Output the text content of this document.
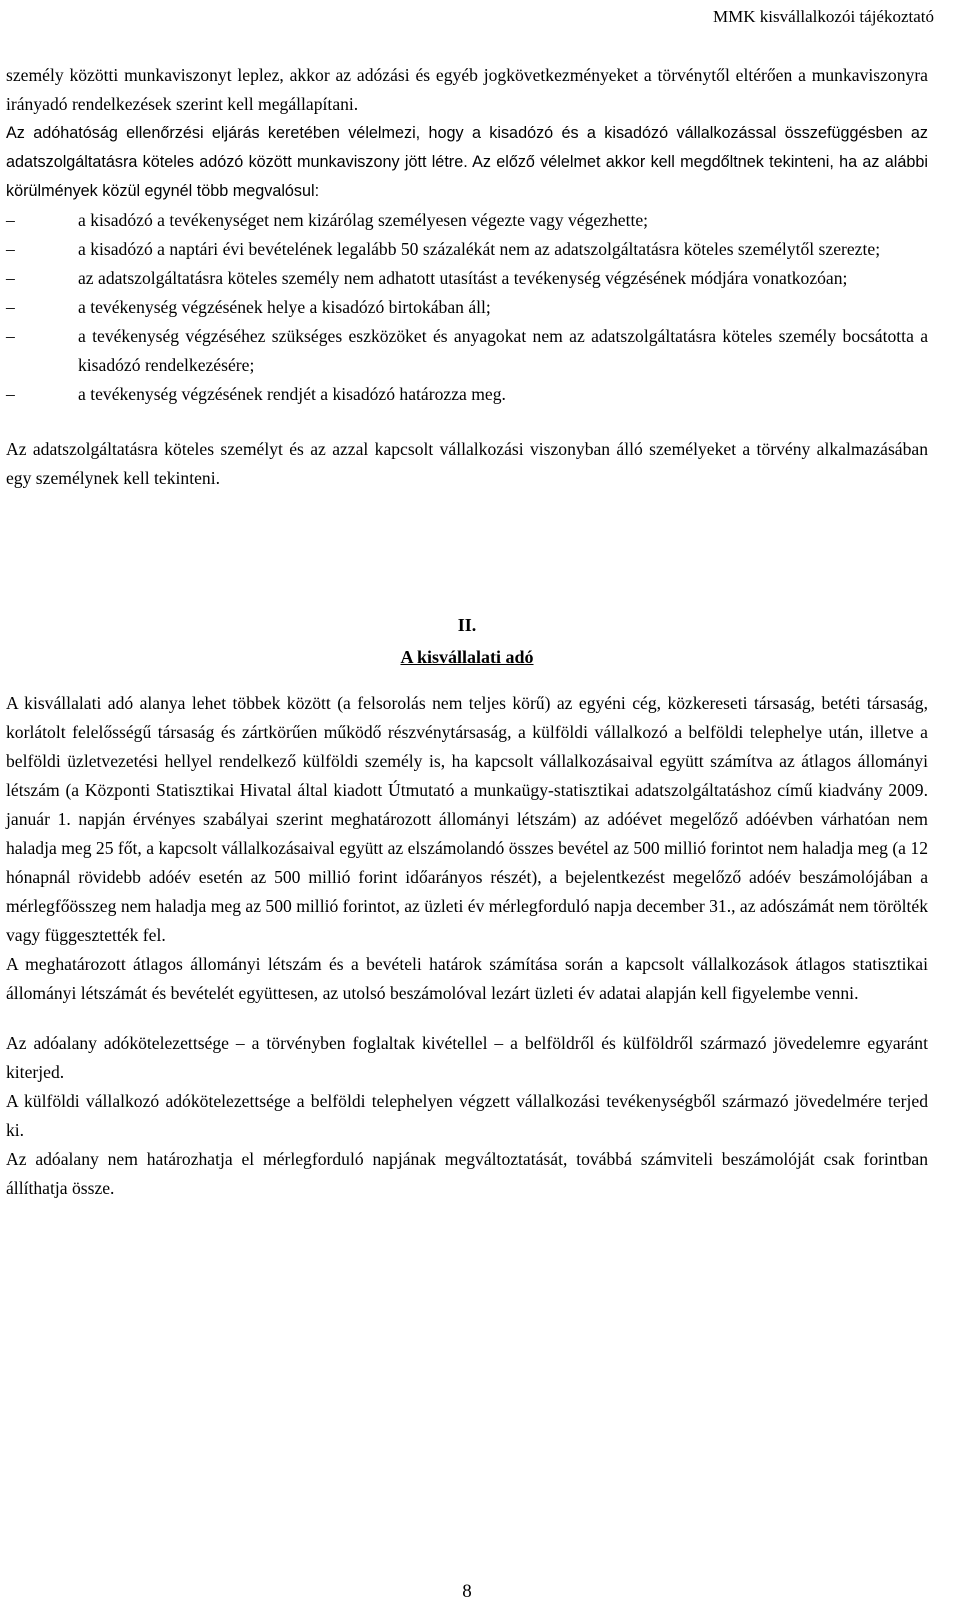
MMK kisvállalkozói tájékoztató

személy közötti munkaviszonyt leplez, akkor az adózási és egyéb jogkövetkezményeket a törvénytől eltérően a munkaviszonyra irányadó rendelkezések szerint kell megállapítani.

Az adóhatóság ellenőrzési eljárás keretében vélelmezi, hogy a kisadózó és a kisadózó vállalkozással összefüggésben az adatszolgáltatásra köteles adózó között munkaviszony jött létre. Az előző vélelmet akkor kell megdőltnek tekinteni, ha az alábbi körülmények közül egynél több megvalósul:

– a kisadózó a tevékenységet nem kizárólag személyesen végezte vagy végezhette;
– a kisadózó a naptári évi bevételének legalább 50 százalékát nem az adatszolgáltatásra köteles személytől szerezte;
– az adatszolgáltatásra köteles személy nem adhatott utasítást a tevékenység végzésének módjára vonatkozóan;
– a tevékenység végzésének helye a kisadózó birtokában áll;
– a tevékenység végzéséhez szükséges eszközöket és anyagokat nem az adatszolgáltatásra köteles személy bocsátotta a kisadózó rendelkezésére;
– a tevékenység végzésének rendjét a kisadózó határozza meg.

Az adatszolgáltatásra köteles személyt és az azzal kapcsolt vállalkozási viszonyban álló személyeket a törvény alkalmazásában egy személynek kell tekinteni.

II.
A kisvállalati adó

A kisvállalati adó alanya lehet többek között (a felsorolás nem teljes körű) az egyéni cég, közkereseti társaság, betéti társaság, korlátolt felelősségű társaság és zártkörűen működő részvénytársaság, a külföldi vállalkozó a belföldi telephelye után, illetve a belföldi üzletvezetési hellyel rendelkező külföldi személy is, ha kapcsolt vállalkozásaival együtt számítva az átlagos állományi létszám (a Központi Statisztikai Hivatal által kiadott Útmutató a munkaügy-statisztikai adatszolgáltatáshoz című kiadvány 2009. január 1. napján érvényes szabályai szerint meghatározott állományi létszám) az adóévet megelőző adóévben várhatóan nem haladja meg 25 főt, a kapcsolt vállalkozásaival együtt az elszámolandó összes bevétel az 500 millió forintot nem haladja meg (a 12 hónapnál rövidebb adóév esetén az 500 millió forint időarányos részét), a bejelentkezést megelőző adóév beszámolójában a mérlegfőösszeg nem haladja meg az 500 millió forintot, az üzleti év mérlegforduló napja december 31., az adószámát nem törölték vagy függesztették fel.

A meghatározott átlagos állományi létszám és a bevételi határok számítása során a kapcsolt vállalkozások átlagos statisztikai állományi létszámát és bevételét együttesen, az utolsó beszámolóval lezárt üzleti év adatai alapján kell figyelembe venni.

Az adóalany adókötelezettsége – a törvényben foglaltak kivétellel – a belföldről és külföldről származó jövedelemre egyaránt kiterjed.

A külföldi vállalkozó adókötelezettsége a belföldi telephelyen végzett vállalkozási tevékenységből származó jövedelmére terjed ki.

Az adóalany nem határozhatja el mérlegforduló napjának megváltoztatását, továbbá számviteli beszámolóját csak forintban állíthatja össze.

8
